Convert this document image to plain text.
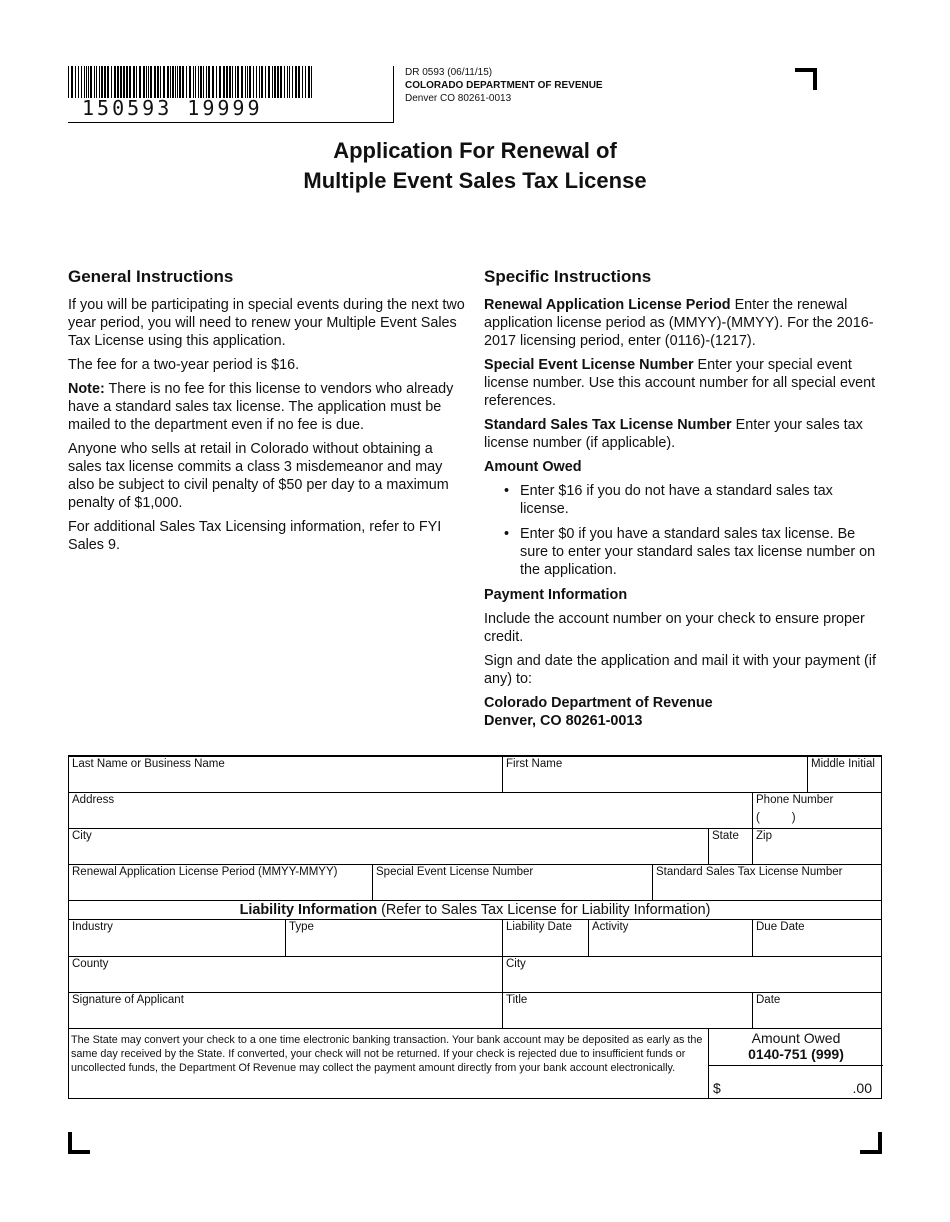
150593 19999
DR 0593 (06/11/15)
COLORADO DEPARTMENT OF REVENUE
Denver CO 80261-0013
Application For Renewal of
Multiple Event Sales Tax License
General Instructions

If you will be participating in special events during the next two year period, you will need to renew your Multiple Event Sales Tax License using this application.

The fee for a two-year period is $16.

Note: There is no fee for this license to vendors who already have a standard sales tax license. The application must be mailed to the department even if no fee is due.

Anyone who sells at retail in Colorado without obtaining a sales tax license commits a class 3 misdemeanor and may also be subject to civil penalty of $50 per day to a maximum penalty of $1,000.

For additional Sales Tax Licensing information, refer to FYI Sales 9.

Specific Instructions

Renewal Application License Period Enter the renewal application license period as (MMYY)-(MMYY). For the 2016-2017 licensing period, enter (0116)-(1217).

Special Event License Number Enter your special event license number. Use this account number for all special event references.

Standard Sales Tax License Number Enter your sales tax license number (if applicable).

Amount Owed

• Enter $16 if you do not have a standard sales tax license.
• Enter $0 if you have a standard sales tax license. Be sure to enter your standard sales tax license number on the application.

Payment Information

Include the account number on your check to ensure proper credit.

Sign and date the application and mail it with your payment (if any) to:

Colorado Department of Revenue

Denver, CO 80261-0013

Last Name or Business Name	First Name	Middle Initial
Address	Phone Number
(          )
City	State	Zip
Renewal Application License Period (MMYY-MMYY)	Special Event License Number	Standard Sales Tax License Number
Liability Information (Refer to Sales Tax License for Liability Information)
Industry	Type	Liability Date	Activity	Due Date
County	City
Signature of Applicant	Title	Date
The State may convert your check to a one time electronic banking transaction. Your bank account may be deposited as early as the same day received by the State. If converted, your check will not be returned. If your check is rejected due to insufficient funds or uncollected funds, the Department Of Revenue may collect the payment amount directly from your bank account electronically.
Amount Owed
0140-751 (999)
$	.00
